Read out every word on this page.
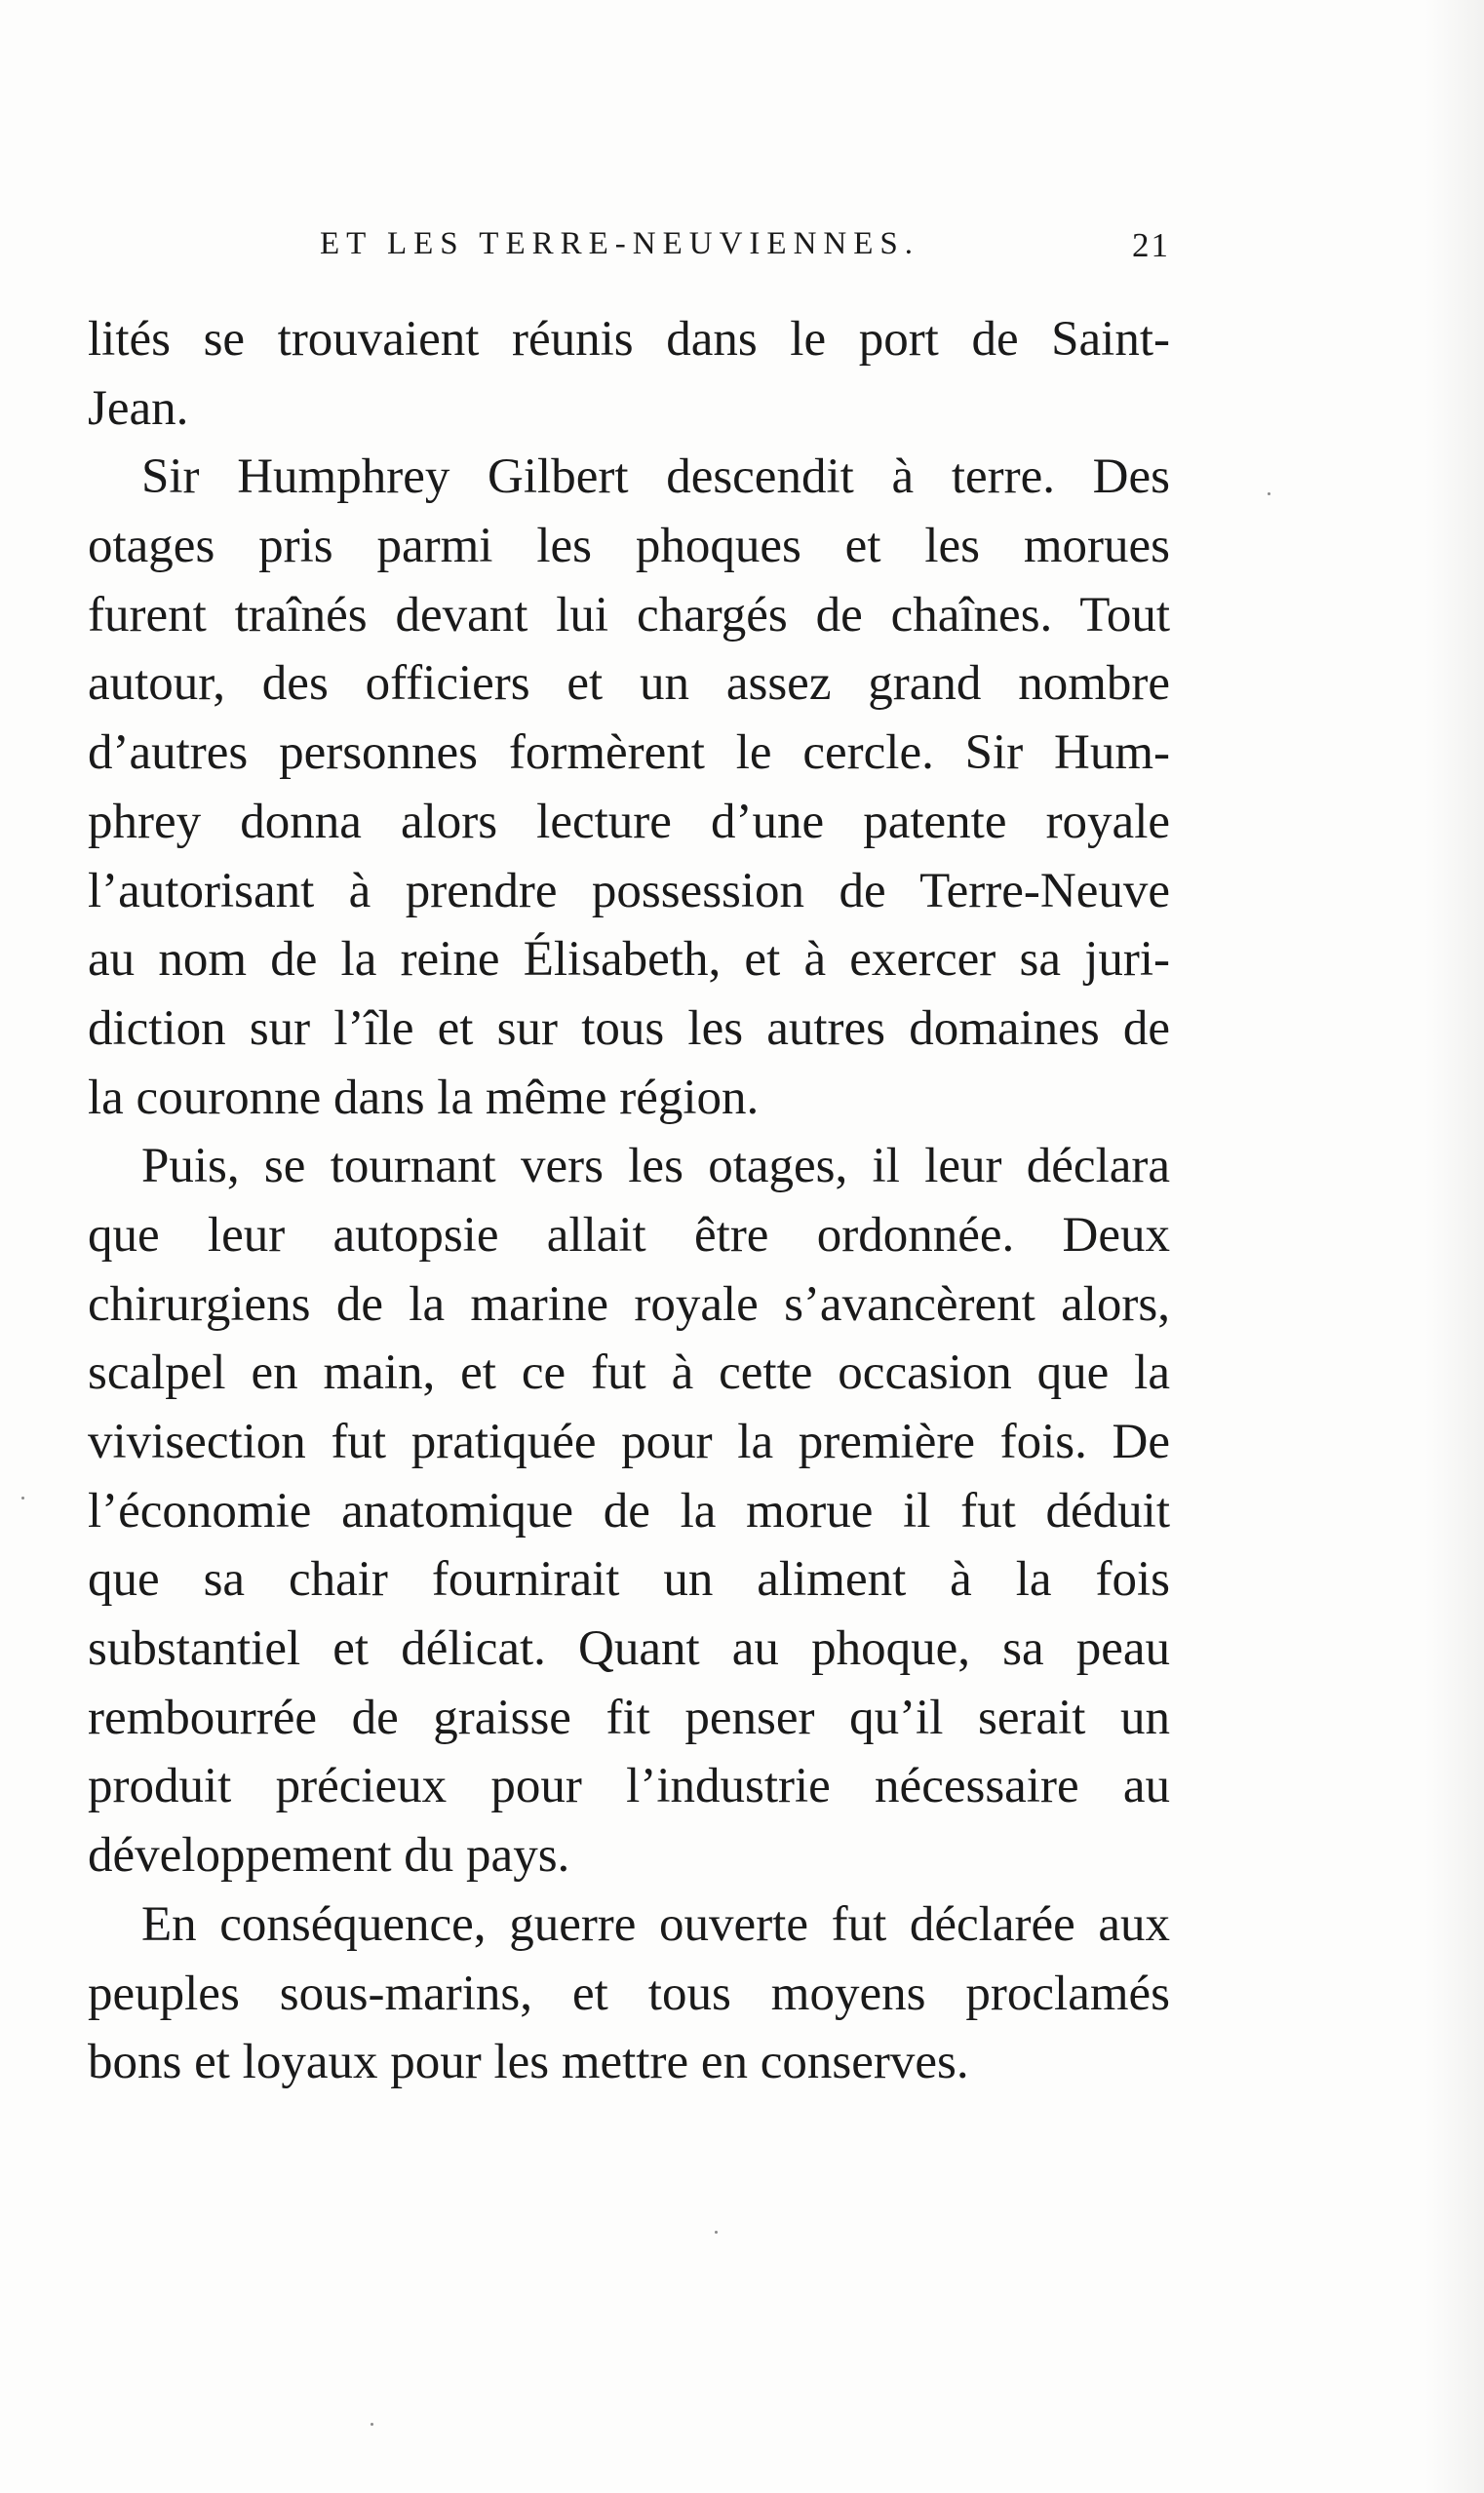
ET LES TERRE-NEUVIENNES.	21
lités se trouvaient réunis dans le port de Saint-
Jean.
Sir Humphrey Gilbert descendit à terre. Des
otages pris parmi les phoques et les morues
furent traînés devant lui chargés de chaînes. Tout
autour, des officiers et un assez grand nombre
d’autres personnes formèrent le cercle. Sir Hum-
phrey donna alors lecture d’une patente royale
l’autorisant à prendre possession de Terre-Neuve
au nom de la reine Élisabeth, et à exercer sa juri-
diction sur l’île et sur tous les autres domaines de
la couronne dans la même région.
Puis, se tournant vers les otages, il leur déclara
que leur autopsie allait être ordonnée. Deux
chirurgiens de la marine royale s’avancèrent alors,
scalpel en main, et ce fut à cette occasion que la
vivisection fut pratiquée pour la première fois. De
l’économie anatomique de la morue il fut déduit
que sa chair fournirait un aliment à la fois
substantiel et délicat. Quant au phoque, sa peau
rembourrée de graisse fit penser qu’il serait un
produit précieux pour l’industrie nécessaire au
développement du pays.
En conséquence, guerre ouverte fut déclarée aux
peuples sous-marins, et tous moyens proclamés
bons et loyaux pour les mettre en conserves.
